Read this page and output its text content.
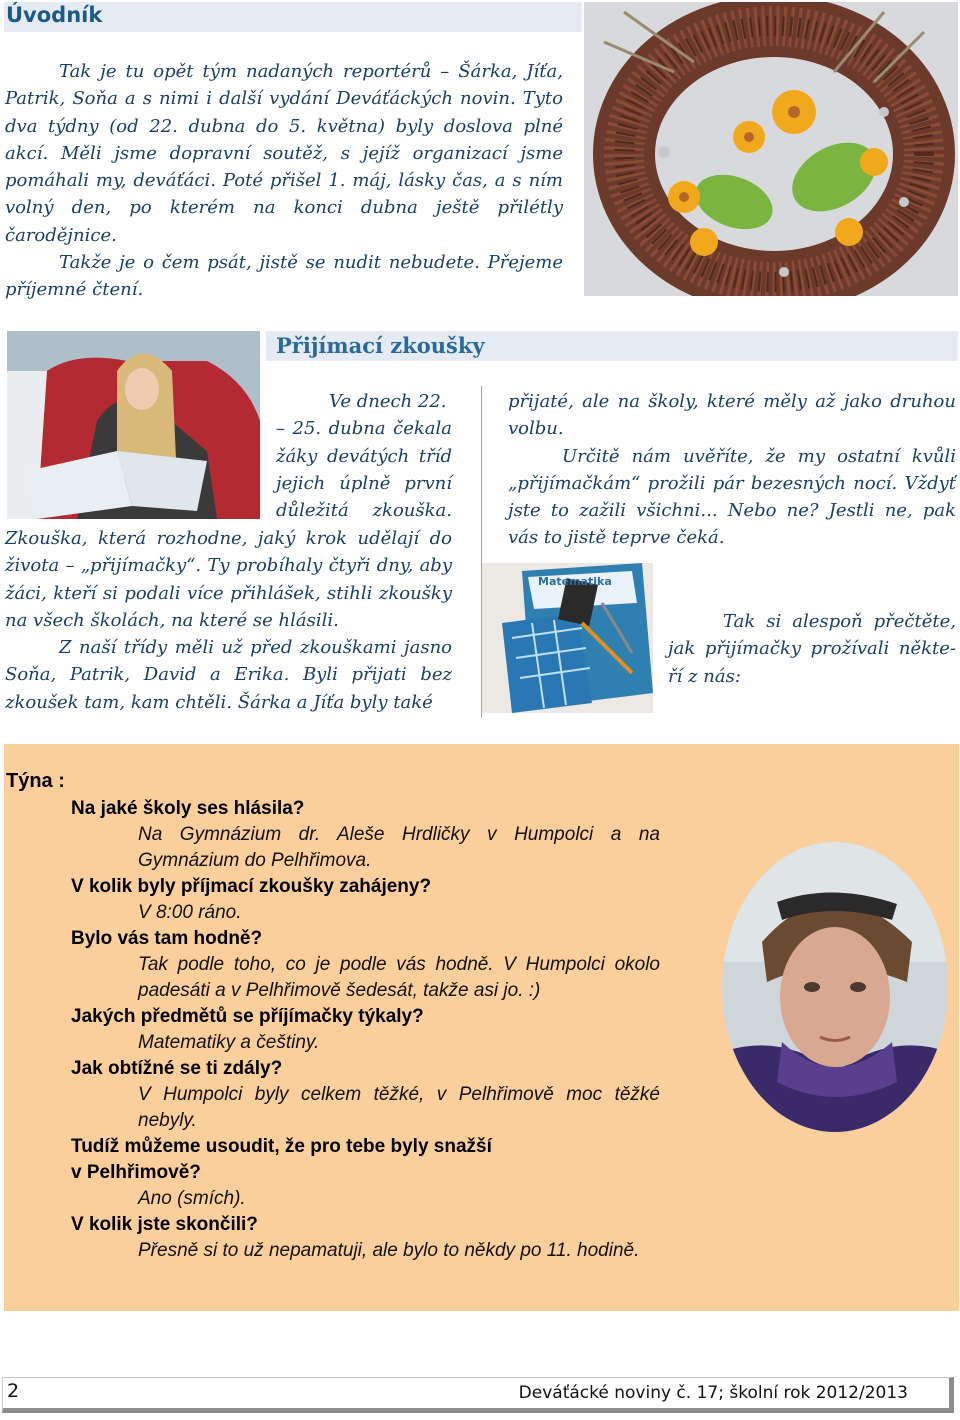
Úvodník

Tak je tu opět tým nadaných reportérů – Šárka, Jíťa, Patrik, Soňa a s nimi i další vydání Deváťáckých novin. Tyto dva týdny (od 22. dubna do 5. května) byly doslova plné akcí. Měli jsme dopravní soutěž, s jejíž organizací jsme pomáhali my, deváťáci. Poté přišel 1. máj, lásky čas, a s ním volný den, po kterém na konci dubna ještě přilétly čarodějnice.

Takže je o čem psát, jistě se nudit nebudete. Přejeme příjemné čtení.

Přijímací zkoušky

Ve dnech 22.

– 25. dubna čekala

žáky devátých tříd

jejich úplně první

důležitá zkouška.

Zkouška, která rozhodne, jaký krok udělají do života – „přijímačky“. Ty probíhaly čtyři dny, aby žáci, kteří si podali více přihlášek, stihli zkoušky na všech školách, na které se hlásili.

Z naší třídy měli už před zkouškami jasno Soňa, Patrik, David a Erika. Byli přijati bez zkoušek tam, kam chtěli. Šárka a Jíťa byly také

přijaté, ale na školy, které měly až jako druhou volbu.

Určitě nám uvěříte, že my ostatní kvůli „přijímačkám“ prožili pár bezesných nocí. Vždyť jste to zažili všichni... Nebo ne? Jestli ne, pak vás to jistě teprve čeká.

Matematika

Tak si alespoň přečtěte,

jak přijímačky prožívali někte-

ří z nás:

Týna :
Na jaké školy ses hlásila?
Na Gymnázium dr. Aleše Hrdličky v Humpolci a na Gymnázium do Pelhřimova.
V kolik byly příjmací zkoušky zahájeny?
V 8:00 ráno.
Bylo vás tam hodně?
Tak podle toho, co je podle vás hodně. V Humpolci okolo padesáti a v Pelhřimově šedesát, takže asi jo. :)
Jakých předmětů se příjímačky týkaly?
Matematiky a češtiny.
Jak obtížné se ti zdály?
V Humpolci byly celkem těžké, v Pelhřimově moc těžké nebyly.
Tudíž můžeme usoudit, že pro tebe byly snažší v Pelhřimově?
Ano (smích).
V kolik jste skončili?
Přesně si to už nepamatuji, ale bylo to někdy po 11. hodině.
2	Deváťácké noviny č. 17; školní rok 2012/2013
